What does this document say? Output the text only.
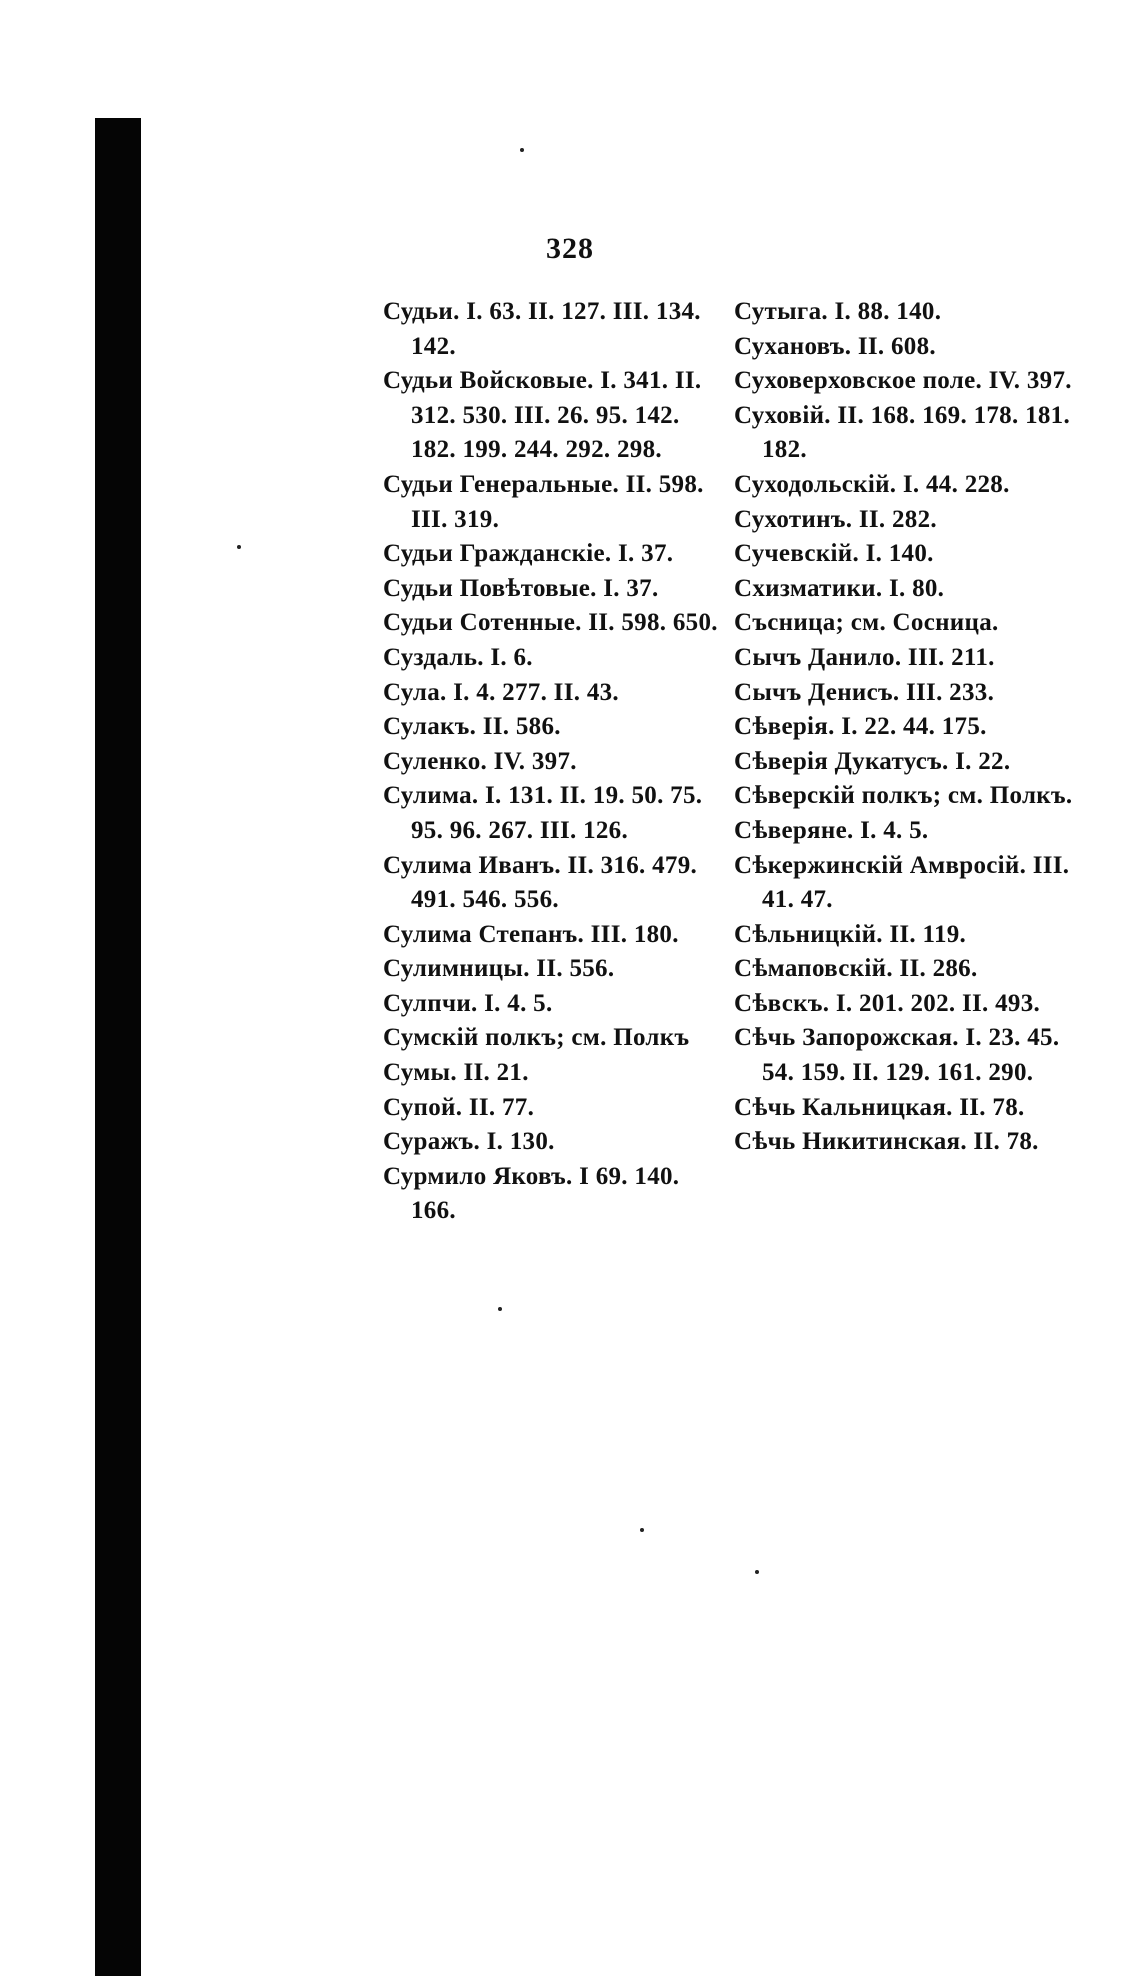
328
Судьи. I. 63. II. 127. III. 134. 142.
Судьи Войсковые. I. 341. II. 312. 530. III. 26. 95. 142. 182. 199. 244. 292. 298.
Судьи Генеральные. II. 598. III. 319.
Судьи Гражданскіе. I. 37.
Судьи Повѣтовые. I. 37.
Судьи Сотенные. II. 598. 650.
Суздаль. I. 6.
Сула. I. 4. 277. II. 43.
Сулакъ. II. 586.
Суленко. IV. 397.
Сулима. I. 131. II. 19. 50. 75. 95. 96. 267. III. 126.
Сулима Иванъ. II. 316. 479. 491. 546. 556.
Сулима Степанъ. III. 180.
Сулимницы. II. 556.
Сулпчи. I. 4. 5.
Сумскій полкъ; см. Полкъ
Сумы. II. 21.
Супой. II. 77.
Суражъ. I. 130.
Сурмило Яковъ. I 69. 140. 166.
Сутыга. I. 88. 140.
Сухановъ. II. 608.
Суховерховское поле. IV. 397.
Суховій. II. 168. 169. 178. 181. 182.
Суходольскій. I. 44. 228.
Сухотинъ. II. 282.
Сучевскій. I. 140.
Схизматики. I. 80.
Съсница; см. Сосница.
Сычъ Данило. III. 211.
Сычъ Денисъ. III. 233.
Сѣверія. I. 22. 44. 175.
Сѣверія Дукатусъ. I. 22.
Сѣверскій полкъ; см. Полкъ.
Сѣверяне. I. 4. 5.
Сѣкержинскій Амвросій. III. 41. 47.
Сѣльницкій. II. 119.
Сѣмаповскій. II. 286.
Сѣвскъ. I. 201. 202. II. 493.
Сѣчь Запорожская. I. 23. 45. 54. 159. II. 129. 161. 290.
Сѣчь Кальницкая. II. 78.
Сѣчь Никитинская. II. 78.
